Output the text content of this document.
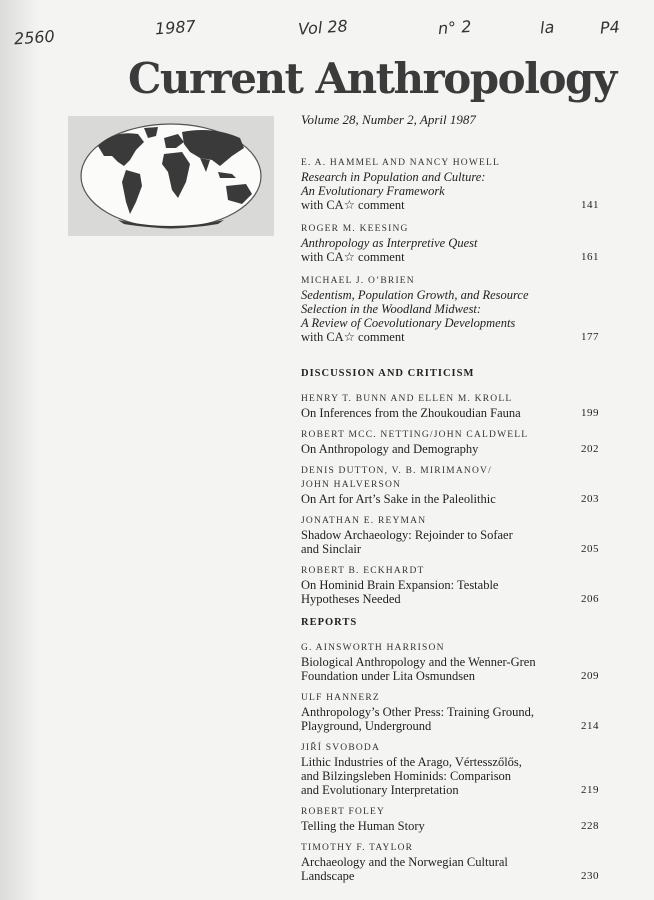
2560	1987	Vol 28	n° 2	la	P4
Current Anthropology
Volume 28, Number 2, April 1987
E. A. HAMMEL AND NANCY HOWELL
Research in Population and Culture:
An Evolutionary Framework
with CA☆ comment	141
ROGER M. KEESING
Anthropology as Interpretive Quest
with CA☆ comment	161
MICHAEL J. O’BRIEN
Sedentism, Population Growth, and Resource
Selection in the Woodland Midwest:
A Review of Coevolutionary Developments
with CA☆ comment	177
DISCUSSION AND CRITICISM
HENRY T. BUNN AND ELLEN M. KROLL
On Inferences from the Zhoukoudian Fauna	199
ROBERT MCC. NETTING/JOHN CALDWELL
On Anthropology and Demography	202
DENIS DUTTON, V. B. MIRIMANOV/
JOHN HALVERSON
On Art for Art’s Sake in the Paleolithic	203
JONATHAN E. REYMAN
Shadow Archaeology: Rejoinder to Sofaer
and Sinclair	205
ROBERT B. ECKHARDT
On Hominid Brain Expansion: Testable
Hypotheses Needed	206
REPORTS
G. AINSWORTH HARRISON
Biological Anthropology and the Wenner-Gren
Foundation under Lita Osmundsen	209
ULF HANNERZ
Anthropology’s Other Press: Training Ground,
Playground, Underground	214
JIŘÍ SVOBODA
Lithic Industries of the Arago, Vértesszőlős,
and Bilzingsleben Hominids: Comparison
and Evolutionary Interpretation	219
ROBERT FOLEY
Telling the Human Story	228
TIMOTHY F. TAYLOR
Archaeology and the Norwegian Cultural
Landscape	230
